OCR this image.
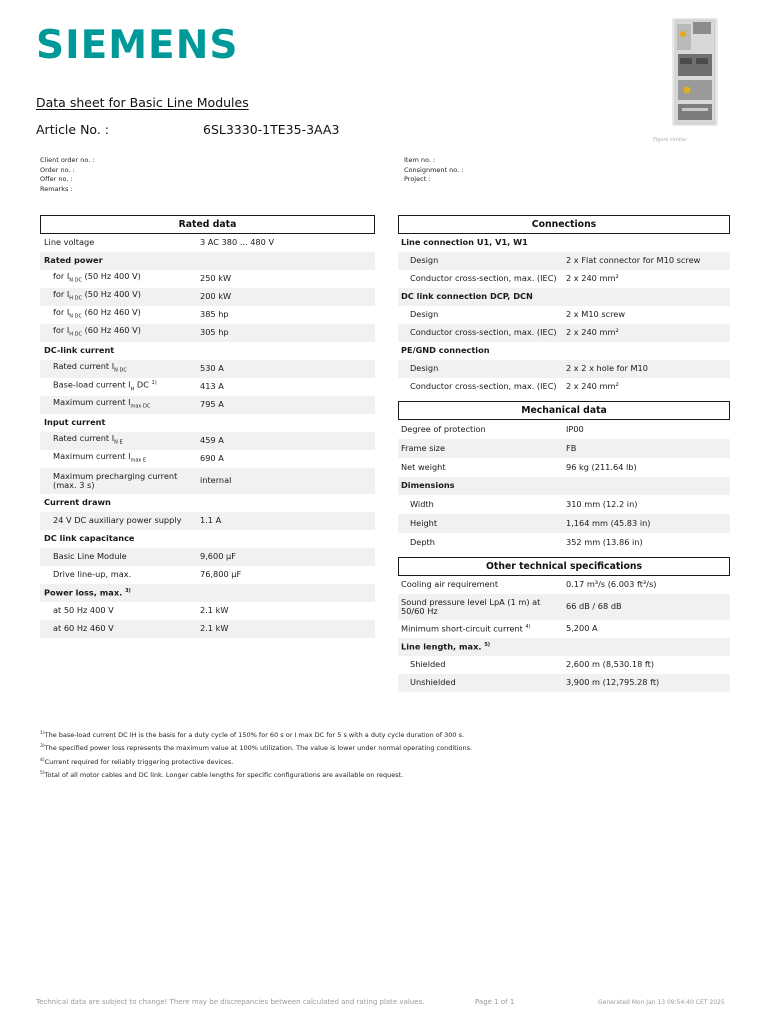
SIEMENS
Figure similar
Data sheet for Basic Line Modules
Article No. :	6SL3330-1TE35-3AA3
Client order no. :
Order no. :
Offer no. :
Remarks :
Item no. :
Consignment no. :
Project :
Rated data
Line voltage	3 AC 380 ... 480 V
Rated power
for $I_{N DC}$ (50 Hz 400 V)	250 kW
for $I_{H DC}$ (50 Hz 400 V)	200 kW
for $I_{N DC}$ (60 Hz 460 V)	385 hp
for $I_{H DC}$ (60 Hz 460 V)	305 hp
DC-link current
Rated current $I_{N DC}$	530 A
Base-load current $I_H$ DC $^{1)}$	413 A
Maximum current $I_{max DC}$	795 A
Input current
Rated current $I_{N E}$	459 A
Maximum current $I_{max E}$	690 A
Maximum precharging current (max. 3 s)	internal
Current drawn
24 V DC auxiliary power supply	1.1 A
DC link capacitance
Basic Line Module	9,600 μF
Drive line-up, max.	76,800 μF
Power loss, max. $^{3)}$
at 50 Hz 400 V	2.1 kW
at 60 Hz 460 V	2.1 kW
Connections
Line connection U1, V1, W1
Design	2 x Flat connector for M10 screw
Conductor cross-section, max. (IEC)	2 x 240 mm²
DC link connection DCP, DCN
Design	2 x M10 screw
Conductor cross-section, max. (IEC)	2 x 240 mm²
PE/GND connection
Design	2 x 2 x hole for M10
Conductor cross-section, max. (IEC)	2 x 240 mm²
Mechanical data
Degree of protection	IP00
Frame size	FB
Net weight	96 kg (211.64 lb)
Dimensions
Width	310 mm (12.2 in)
Height	1,164 mm (45.83 in)
Depth	352 mm (13.86 in)
Other technical specifications
Cooling air requirement	0.17 m³/s (6.003 ft³/s)
Sound pressure level LpA (1 m) at 50/60 Hz	66 dB / 68 dB
Minimum short-circuit current $^{4)}$	5,200 A
Line length, max. $^{5)}$
Shielded	2,600 m (8,530.18 ft)
Unshielded	3,900 m (12,795.28 ft)
$^{1)}$The base-load current DC IH is the basis for a duty cycle of 150% for 60 s or I max DC for 5 s with a duty cycle duration of 300 s.
$^{3)}$The specified power loss represents the maximum value at 100% utilization. The value is lower under normal operating conditions.
$^{4)}$Current required for reliably triggering protective devices.
$^{5)}$Total of all motor cables and DC link. Longer cable lengths for specific configurations are available on request.
Technical data are subject to change! There may be discrepancies between calculated and rating plate values.	Page 1 of 1	Generated Mon Jan 13 09:54:40 CET 2025
